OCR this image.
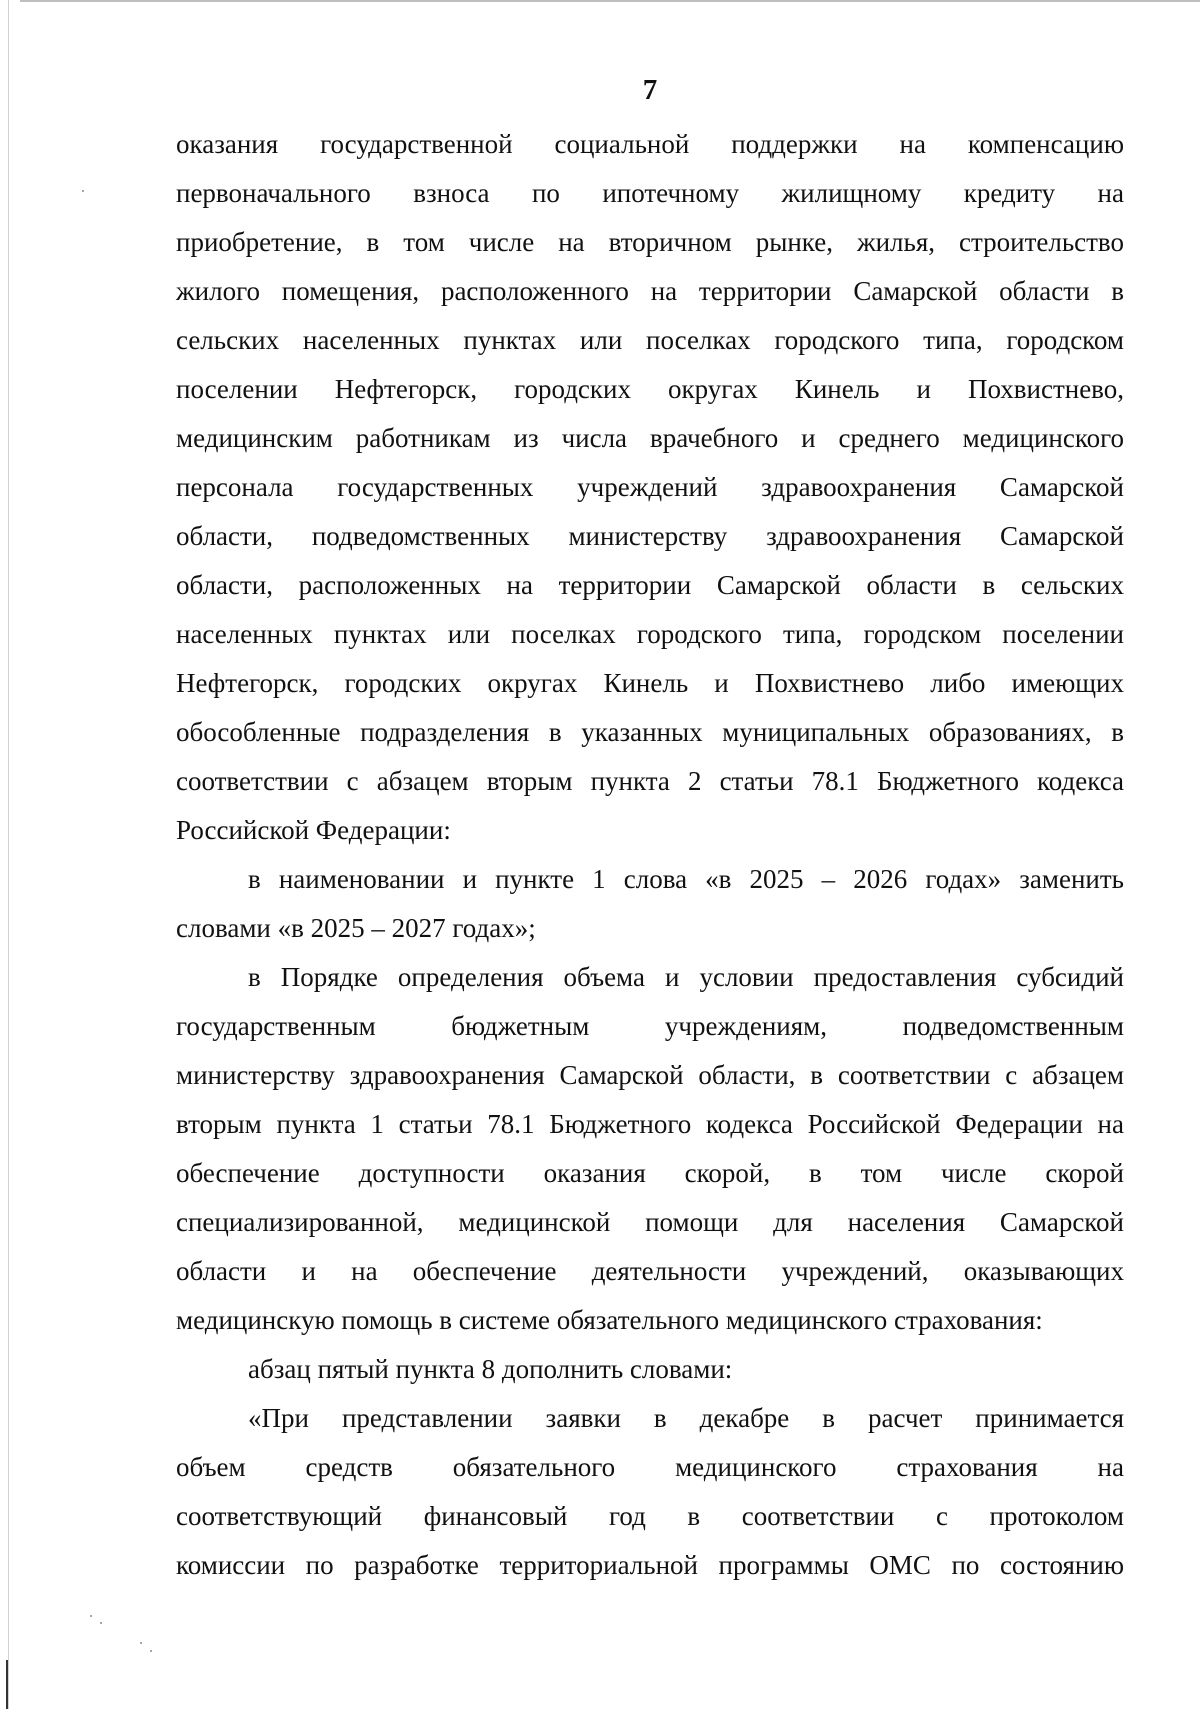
7
оказания государственной социальной поддержки на компенсацию
первоначального взноса по ипотечному жилищному кредиту на
приобретение, в том числе на вторичном рынке, жилья, строительство
жилого помещения, расположенного на территории Самарской области в
сельских населенных пунктах или поселках городского типа, городском
поселении Нефтегорск, городских округах Кинель и Похвистнево,
медицинским работникам из числа врачебного и среднего медицинского
персонала государственных учреждений здравоохранения Самарской
области, подведомственных министерству здравоохранения Самарской
области, расположенных на территории Самарской области в сельских
населенных пунктах или поселках городского типа, городском поселении
Нефтегорск, городских округах Кинель и Похвистнево либо имеющих
обособленные подразделения в указанных муниципальных образованиях, в
соответствии с абзацем вторым пункта 2 статьи 78.1 Бюджетного кодекса
Российской Федерации:
в наименовании и пункте 1 слова «в 2025 – 2026 годах» заменить
словами «в 2025 – 2027 годах»;
в Порядке определения объема и условии предоставления субсидий
государственным бюджетным учреждениям, подведомственным
министерству здравоохранения Самарской области, в соответствии с абзацем
вторым пункта 1 статьи 78.1 Бюджетного кодекса Российской Федерации на
обеспечение доступности оказания скорой, в том числе скорой
специализированной, медицинской помощи для населения Самарской
области и на обеспечение деятельности учреждений, оказывающих
медицинскую помощь в системе обязательного медицинского страхования:
абзац пятый пункта 8 дополнить словами:
«При представлении заявки в декабре в расчет принимается
объем средств обязательного медицинского страхования на
соответствующий финансовый год в соответствии с протоколом
комиссии по разработке территориальной программы ОМС по состоянию
